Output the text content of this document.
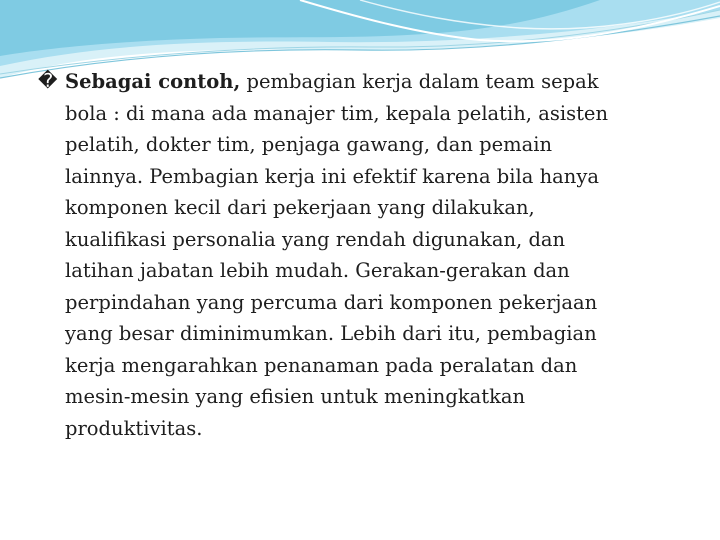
� Sebagai contoh, pembagian kerja dalam team sepak
bola : di mana ada manajer tim, kepala pelatih, asisten
pelatih, dokter tim, penjaga gawang, dan pemain
lainnya. Pembagian kerja ini efektif karena bila hanya
komponen kecil dari pekerjaan yang dilakukan,
kualifikasi personalia yang rendah digunakan, dan
latihan jabatan lebih mudah. Gerakan-gerakan dan
perpindahan yang percuma dari komponen pekerjaan
yang besar diminimumkan. Lebih dari itu, pembagian
kerja mengarahkan penanaman pada peralatan dan
mesin-mesin yang efisien untuk meningkatkan
produktivitas.
